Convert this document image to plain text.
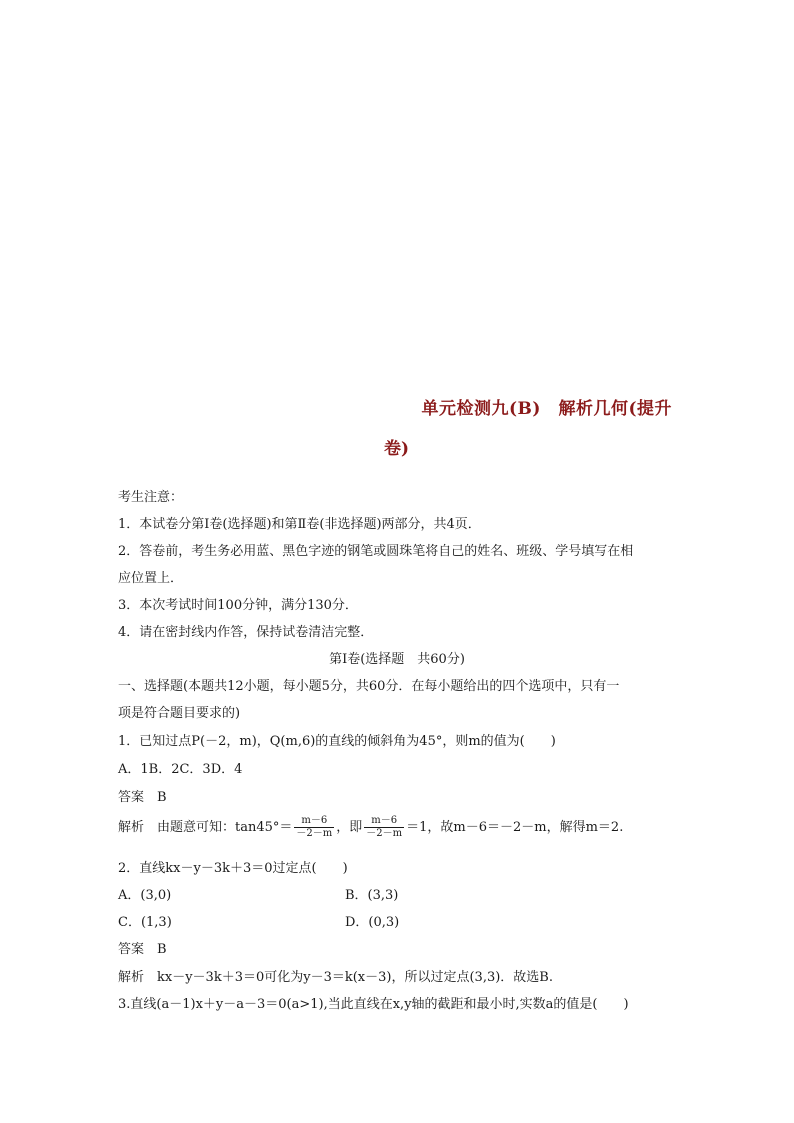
单元检测九(B)　解析几何(提升
卷)
考生注意：
1．本试卷分第Ⅰ卷(选择题)和第Ⅱ卷(非选择题)两部分，共4页．
2．答卷前，考生务必用蓝、黑色字迹的钢笔或圆珠笔将自己的姓名、班级、学号填写在相
应位置上．
3．本次考试时间100分钟，满分130分．
4．请在密封线内作答，保持试卷清洁完整．
第Ⅰ卷(选择题　共60分)
一、选择题(本题共12小题，每小题5分，共60分．在每小题给出的四个选项中，只有一
项是符合题目要求的)
1．已知过点P(－2，m)，Q(m,6)的直线的倾斜角为45°，则m的值为(　　)
A．1B．2C．3D．4
答案　B
解析　由题意可知：$\tan 45^\circ= \frac{m-6}{-2-m}$ ，即 $\frac{m-6}{-2-m} =1$，故m－6＝－2－m，解得m＝2.
2．直线kx－y－3k＋3＝0过定点(　　)
A．(3,0)	B．(3,3)
C．(1,3)	D．(0,3)
答案　B
解析　kx－y－3k＋3＝0可化为y－3＝k(x－3)，所以过定点(3,3)．故选B.
3.直线(a－1)x＋y－a－3＝0(a>1),当此直线在x,y轴的截距和最小时,实数a的值是(　　)
